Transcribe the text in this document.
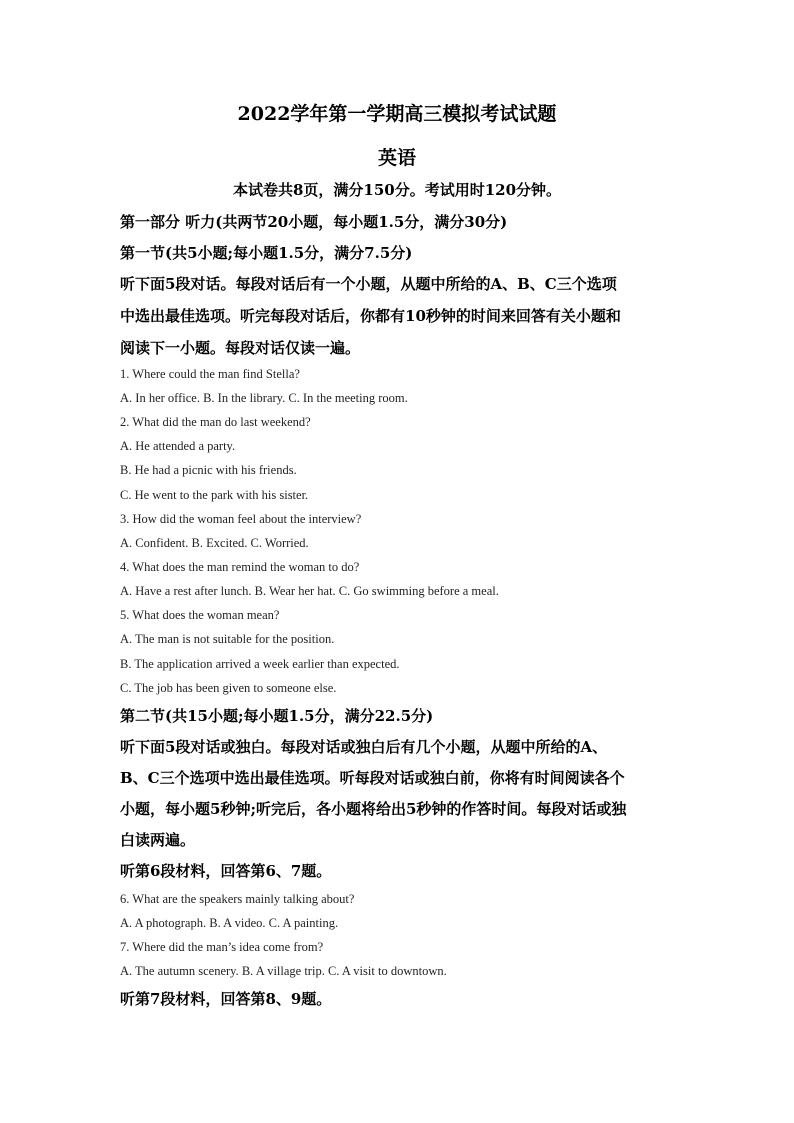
2022学年第一学期高三模拟考试试题
英语
本试卷共8页，满分150分。考试用时120分钟。
第一部分 听力(共两节20小题，每小题1.5分，满分30分)
第一节(共5小题;每小题1.5分，满分7.5分)
听下面5段对话。每段对话后有一个小题，从题中所给的A、B、C三个选项
中选出最佳选项。听完每段对话后，你都有10秒钟的时间来回答有关小题和
阅读下一小题。每段对话仅读一遍。
1. Where could the man find Stella?
A. In her office. B. In the library. C. In the meeting room.
2. What did the man do last weekend?
A. He attended a party.
B. He had a picnic with his friends.
C. He went to the park with his sister.
3. How did the woman feel about the interview?
A. Confident. B. Excited. C. Worried.
4. What does the man remind the woman to do?
A. Have a rest after lunch. B. Wear her hat. C. Go swimming before a meal.
5. What does the woman mean?
A. The man is not suitable for the position.
B. The application arrived a week earlier than expected.
C. The job has been given to someone else.
第二节(共15小题;每小题1.5分，满分22.5分)
听下面5段对话或独白。每段对话或独白后有几个小题，从题中所给的A、
B、C三个选项中选出最佳选项。听每段对话或独白前，你将有时间阅读各个
小题，每小题5秒钟;听完后，各小题将给出5秒钟的作答时间。每段对话或独
白读两遍。
听第6段材料，回答第6、7题。
6. What are the speakers mainly talking about?
A. A photograph. B. A video. C. A painting.
7. Where did the man’s idea come from?
A. The autumn scenery. B. A village trip. C. A visit to downtown.
听第7段材料，回答第8、9题。
